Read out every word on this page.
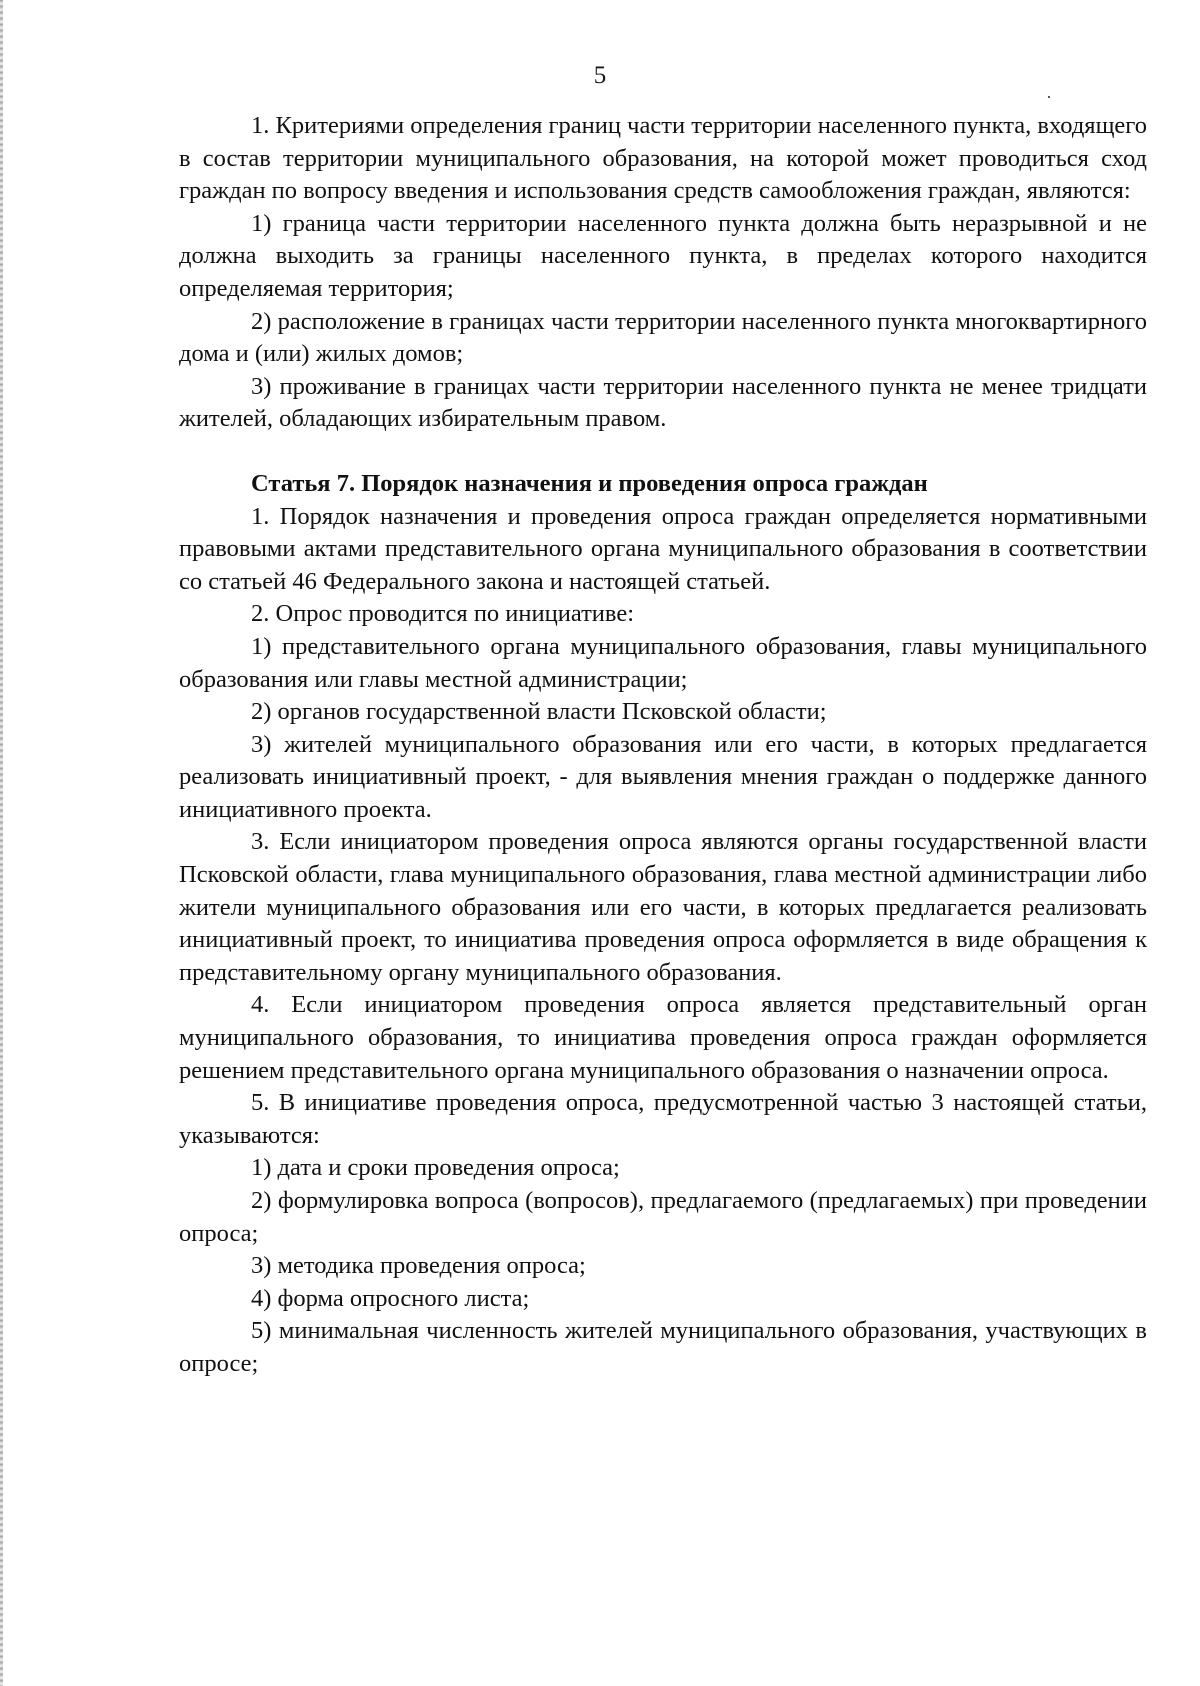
5

1. Критериями определения границ части территории населенного пункта, входящего в состав территории муниципального образования, на которой может проводиться сход граждан по вопросу введения и использования средств самообложения граждан, являются:

1) граница части территории населенного пункта должна быть неразрывной и не должна выходить за границы населенного пункта, в пределах которого находится определяемая территория;

2) расположение в границах части территории населенного пункта многоквартирного дома и (или) жилых домов;

3) проживание в границах части территории населенного пункта не менее тридцати жителей, обладающих избирательным правом.

Статья 7. Порядок назначения и проведения опроса граждан

1. Порядок назначения и проведения опроса граждан определяется нормативными правовыми актами представительного органа муниципального образования в соответствии со статьей 46 Федерального закона и настоящей статьей.

2. Опрос проводится по инициативе:

1) представительного органа муниципального образования, главы муниципального образования или главы местной администрации;

2) органов государственной власти Псковской области;

3) жителей муниципального образования или его части, в которых предлагается реализовать инициативный проект, - для выявления мнения граждан о поддержке данного инициативного проекта.

3. Если инициатором проведения опроса являются органы государственной власти Псковской области, глава муниципального образования, глава местной администрации либо жители муниципального образования или его части, в которых предлагается реализовать инициативный проект, то инициатива проведения опроса оформляется в виде обращения к представительному органу муниципального образования.

4. Если инициатором проведения опроса является представительный орган муниципального образования, то инициатива проведения опроса граждан оформляется решением представительного органа муниципального образования о назначении опроса.

5. В инициативе проведения опроса, предусмотренной частью 3 настоящей статьи, указываются:

1) дата и сроки проведения опроса;

2) формулировка вопроса (вопросов), предлагаемого (предлагаемых) при проведении опроса;

3) методика проведения опроса;

4) форма опросного листа;

5) минимальная численность жителей муниципального образования, участвующих в опросе;
